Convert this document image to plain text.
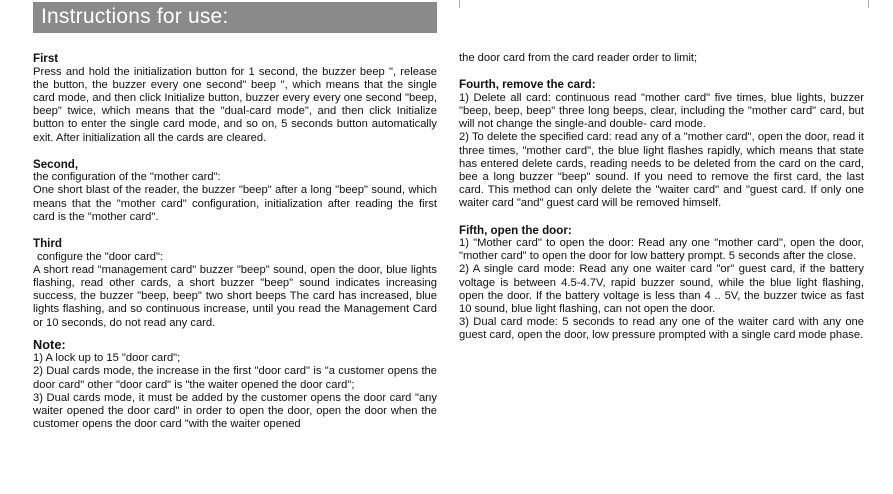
Instructions for use:

First

Press and hold the initialization button for 1 second, the buzzer beep ", release the button, the buzzer every one second" beep ", which means that the single card mode, and then click Initialize button, buzzer every every one second "beep, beep" twice, which means that the "dual-card mode", and then click Initialize button to enter the single card mode, and so on, 5 seconds button automatically exit. After initialization all the cards are cleared.

Second,

the configuration of the "mother card":

One short blast of the reader, the buzzer "beep" after a long "beep" sound, which means that the "mother card" configuration, initialization after reading the first card is the "mother card".

Third

configure the "door card":

A short read "management card" buzzer "beep" sound, open the door, blue lights flashing, read other cards, a short buzzer "beep" sound indicates increasing success, the buzzer "beep, beep" two short beeps The card has increased, blue lights flashing, and so continuous increase, until you read the Management Card or 10 seconds, do not read any card.

Note:

1) A lock up to 15 "door card";

2) Dual cards mode, the increase in the first "door card" is "a customer opens the door card" other "door card" is "the waiter opened the door card";

3) Dual cards mode, it must be added by the customer opens the door card "any waiter opened the door card" in order to open the door, open the door when the customer opens the door card "with the waiter opened

the door card from the card reader order to limit;

Fourth, remove the card:

1) Delete all card: continuous read "mother card" five times, blue lights, buzzer "beep, beep, beep" three long beeps, clear, including the "mother card" card, but will not change the single-and double- card mode.

2) To delete the specified card: read any of a "mother card", open the door, read it three times, "mother card", the blue light flashes rapidly, which means that state has entered delete cards, reading needs to be deleted from the card on the card, bee a long buzzer "beep" sound. If you need to remove the first card, the last card. This method can only delete the "waiter card" and "guest card. If only one waiter card "and" guest card will be removed himself.

Fifth, open the door:

1) "Mother card" to open the door: Read any one "mother card", open the door, "mother card" to open the door for low battery prompt. 5 seconds after the close.

2) A single card mode: Read any one waiter card "or" guest card, if the battery voltage is between 4.5-4.7V, rapid buzzer sound, while the blue light flashing, open the door. If the battery voltage is less than 4 .. 5V, the buzzer twice as fast 10 sound, blue light flashing, can not open the door.

3) Dual card mode: 5 seconds to read any one of the waiter card with any one guest card, open the door, low pressure prompted with a single card mode phase.
